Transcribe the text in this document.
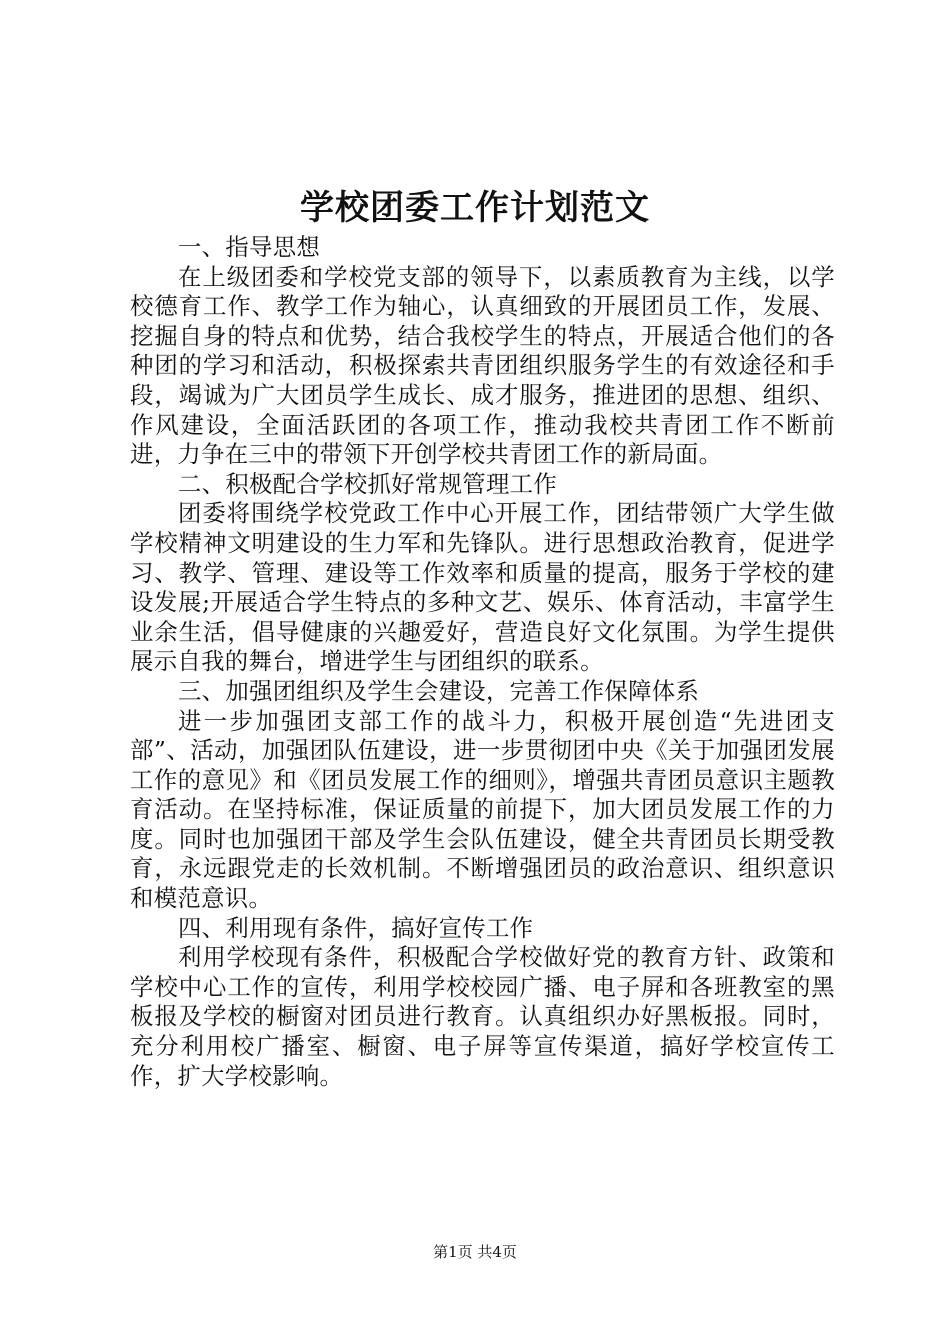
学校团委工作计划范文

一、指导思想

在上级团委和学校党支部的领导下，以素质教育为主线，以学校德育工作、教学工作为轴心，认真细致的开展团员工作，发展、挖掘自身的特点和优势，结合我校学生的特点，开展适合他们的各种团的学习和活动，积极探索共青团组织服务学生的有效途径和手段，竭诚为广大团员学生成长、成才服务，推进团的思想、组织、作风建设，全面活跃团的各项工作，推动我校共青团工作不断前进，力争在三中的带领下开创学校共青团工作的新局面。

二、积极配合学校抓好常规管理工作

团委将围绕学校党政工作中心开展工作，团结带领广大学生做学校精神文明建设的生力军和先锋队。进行思想政治教育，促进学习、教学、管理、建设等工作效率和质量的提高，服务于学校的建设发展;开展适合学生特点的多种文艺、娱乐、体育活动，丰富学生业余生活，倡导健康的兴趣爱好，营造良好文化氛围。为学生提供展示自我的舞台，增进学生与团组织的联系。

三、加强团组织及学生会建设，完善工作保障体系

进一步加强团支部工作的战斗力，积极开展创造“先进团支部”、活动，加强团队伍建设，进一步贯彻团中央《关于加强团发展工作的意见》和《团员发展工作的细则》，增强共青团员意识主题教育活动。在坚持标准，保证质量的前提下，加大团员发展工作的力度。同时也加强团干部及学生会队伍建设，健全共青团员长期受教育，永远跟党走的长效机制。不断增强团员的政治意识、组织意识和模范意识。

四、利用现有条件，搞好宣传工作

利用学校现有条件，积极配合学校做好党的教育方针、政策和学校中心工作的宣传，利用学校校园广播、电子屏和各班教室的黑板报及学校的橱窗对团员进行教育。认真组织办好黑板报。同时，充分利用校广播室、橱窗、电子屏等宣传渠道，搞好学校宣传工作，扩大学校影响。

第1页 共4页
